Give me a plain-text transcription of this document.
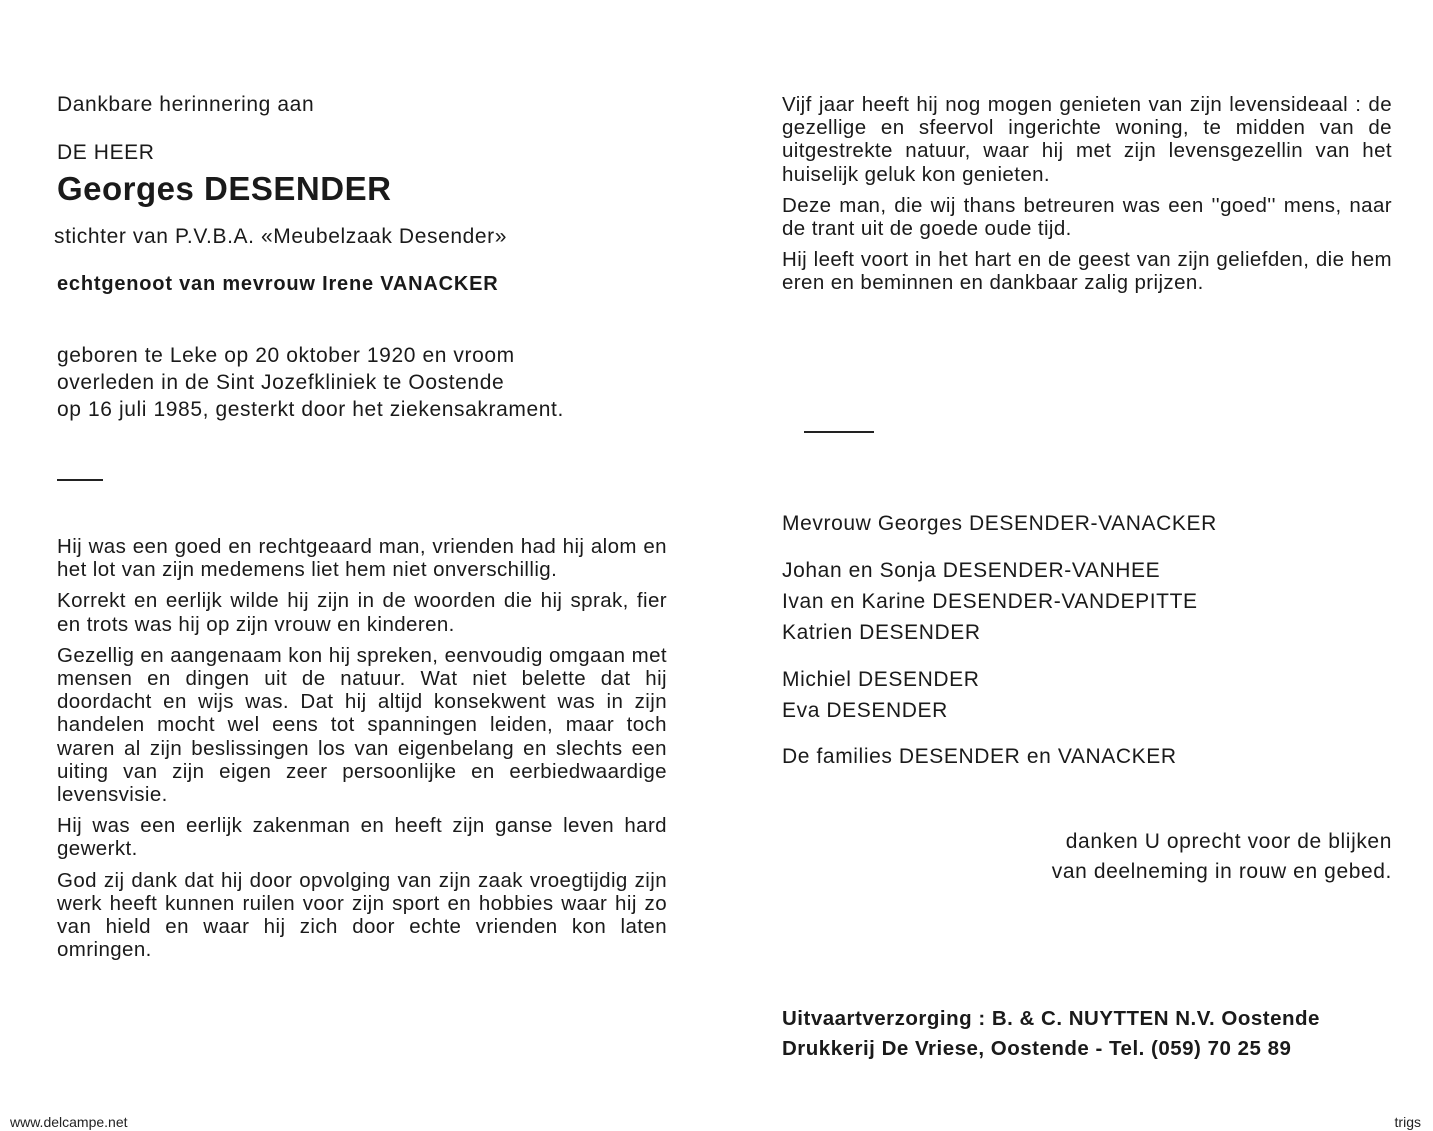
Dankbare herinnering aan
DE HEER
Georges DESENDER
stichter van P.V.B.A. «Meubelzaak Desender»
echtgenoot van mevrouw Irene VANACKER
geboren te Leke op 20 oktober 1920 en vroom
overleden in de Sint Jozefkliniek te Oostende
op 16 juli 1985, gesterkt door het ziekensakrament.

Hij was een goed en rechtgeaard man, vrienden had hij alom en het lot van zijn medemens liet hem niet onverschillig.

Korrekt en eerlijk wilde hij zijn in de woorden die hij sprak, fier en trots was hij op zijn vrouw en kinderen.

Gezellig en aangenaam kon hij spreken, eenvoudig omgaan met mensen en dingen uit de natuur. Wat niet belette dat hij doordacht en wijs was. Dat hij altijd konsekwent was in zijn handelen mocht wel eens tot spanningen leiden, maar toch waren al zijn beslissingen los van eigenbelang en slechts een uiting van zijn eigen zeer persoonlijke en eerbiedwaardige levensvisie.

Hij was een eerlijk zakenman en heeft zijn ganse leven hard gewerkt.

God zij dank dat hij door opvolging van zijn zaak vroegtijdig zijn werk heeft kunnen ruilen voor zijn sport en hobbies waar hij zo van hield en waar hij zich door echte vrienden kon laten omringen.

Vijf jaar heeft hij nog mogen genieten van zijn levensideaal : de gezellige en sfeervol ingerichte woning, te midden van de uitgestrekte natuur, waar hij met zijn levensgezellin van het huiselijk geluk kon genieten.

Deze man, die wij thans betreuren was een ''goed'' mens, naar de trant uit de goede oude tijd.

Hij leeft voort in het hart en de geest van zijn geliefden, die hem eren en beminnen en dankbaar zalig prijzen.

Mevrouw Georges DESENDER-VANACKER
Johan en Sonja DESENDER-VANHEE
Ivan en Karine DESENDER-VANDEPITTE
Katrien DESENDER
Michiel DESENDER
Eva DESENDER
De families DESENDER en VANACKER
danken U oprecht voor de blijken
van deelneming in rouw en gebed.
Uitvaartverzorging : B. & C. NUYTTEN N.V. Oostende
Drukkerij De Vriese, Oostende - Tel. (059) 70 25 89
www.delcampe.net	trigs
